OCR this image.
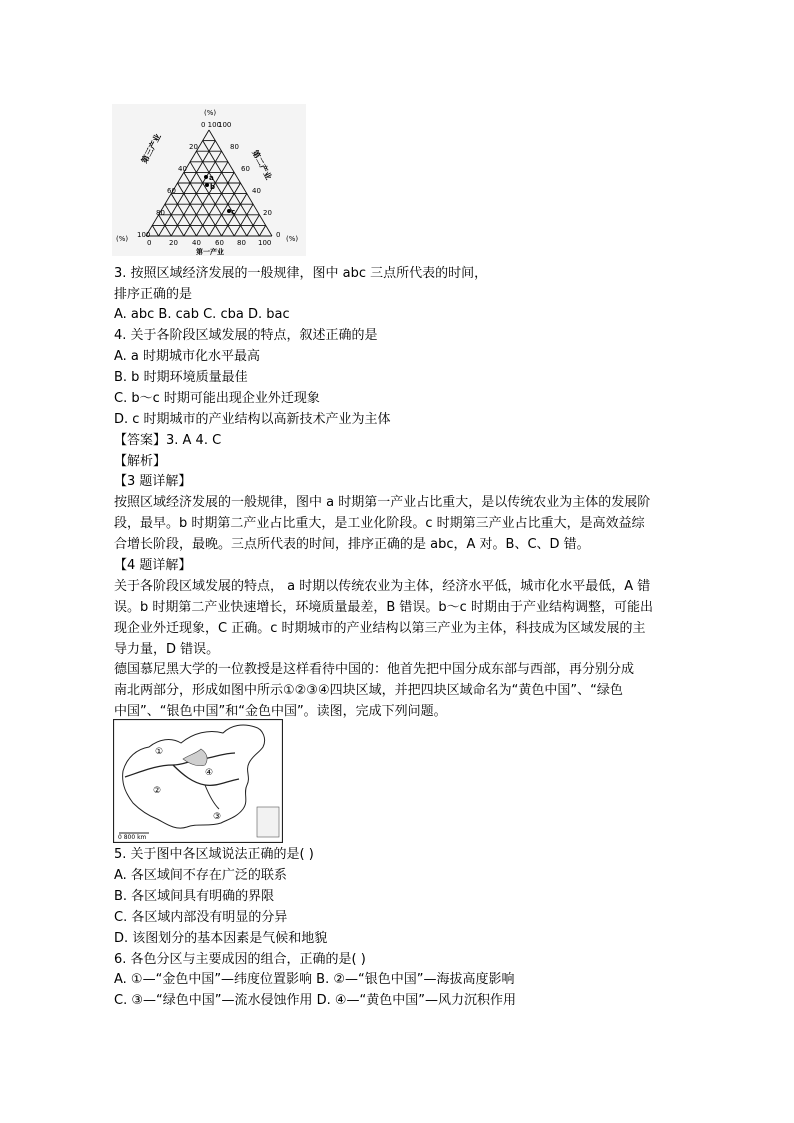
(%)
(%)	(%)
0 100
20
40
60
80
100
第三产业
第二产业
第一产业
0	20 40 60 80 100
0
20
40
60
80
100
a
b
c
3. 按照区域经济发展的一般规律，图中 abc 三点所代表的时间，
排序正确的是
A. abc B. cab C. cba D. bac
4. 关于各阶段区域发展的特点，叙述正确的是
A. a 时期城市化水平最高
B. b 时期环境质量最佳
C. b～c 时期可能出现企业外迁现象
D. c 时期城市的产业结构以高新技术产业为主体
【答案】3. A 4. C
【解析】
【3 题详解】
按照区域经济发展的一般规律，图中 a 时期第一产业占比重大，是以传统农业为主体的发展阶
段，最早。b 时期第二产业占比重大，是工业化阶段。c 时期第三产业占比重大，是高效益综
合增长阶段，最晚。三点所代表的时间，排序正确的是 abc，A 对。B、C、D 错。
【4 题详解】
关于各阶段区域发展的特点， a 时期以传统农业为主体，经济水平低，城市化水平最低，A 错
误。b 时期第二产业快速增长，环境质量最差，B 错误。b～c 时期由于产业结构调整，可能出
现企业外迁现象，C 正确。c 时期城市的产业结构以第三产业为主体，科技成为区域发展的主
导力量，D 错误。
德国慕尼黑大学的一位教授是这样看待中国的：他首先把中国分成东部与西部，再分别分成
南北两部分，形成如图中所示①②③④四块区域，并把四块区域命名为“黄色中国”、“绿色
中国”、“银色中国”和“金色中国”。读图，完成下列问题。
0 800 km
①
②
③
④
5. 关于图中各区域说法正确的是( )
A. 各区域间不存在广泛的联系
B. 各区域间具有明确的界限
C. 各区域内部没有明显的分异
D. 该图划分的基本因素是气候和地貌
6. 各色分区与主要成因的组合，正确的是( )
A. ①—“金色中国”—纬度位置影响 B. ②—“银色中国”—海拔高度影响
C. ③—“绿色中国”—流水侵蚀作用 D. ④—“黄色中国”—风力沉积作用
